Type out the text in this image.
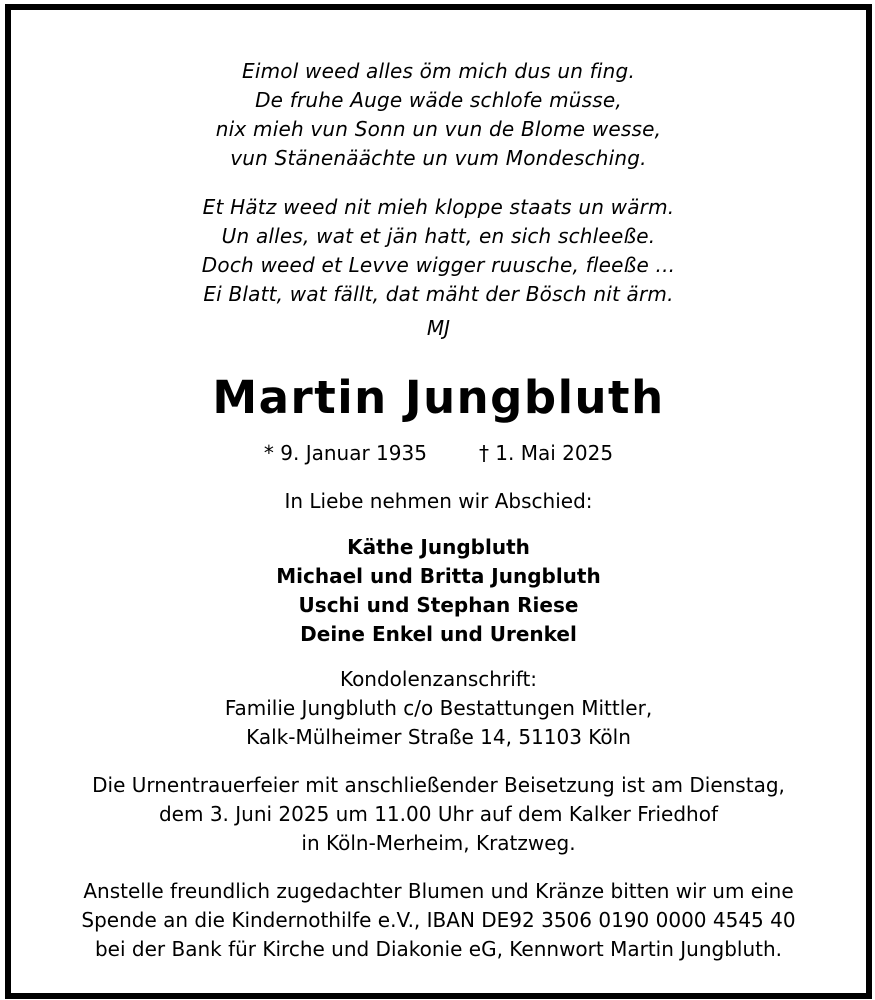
Eimol weed alles öm mich dus un fing.
De fruhe Auge wäde schlofe müsse,
nix mieh vun Sonn un vun de Blome wesse,
vun Stänenäächte un vum Mondesching.
Et Hätz weed nit mieh kloppe staats un wärm.
Un alles, wat et jän hatt, en sich schleeße.
Doch weed et Levve wigger ruusche, fleeße ...
Ei Blatt, wat fällt, dat mäht der Bösch nit ärm.
MJ
Martin Jungbluth
* 9. Januar 1935	† 1. Mai 2025
In Liebe nehmen wir Abschied:
Käthe Jungbluth
Michael und Britta Jungbluth
Uschi und Stephan Riese
Deine Enkel und Urenkel
Kondolenzanschrift:
Familie Jungbluth c/o Bestattungen Mittler,
Kalk-Mülheimer Straße 14, 51103 Köln
Die Urnentrauerfeier mit anschließender Beisetzung ist am Dienstag,
dem 3. Juni 2025 um 11.00 Uhr auf dem Kalker Friedhof
in Köln-Merheim, Kratzweg.
Anstelle freundlich zugedachter Blumen und Kränze bitten wir um eine
Spende an die Kindernothilfe e.V., IBAN DE92 3506 0190 0000 4545 40
bei der Bank für Kirche und Diakonie eG, Kennwort Martin Jungbluth.
